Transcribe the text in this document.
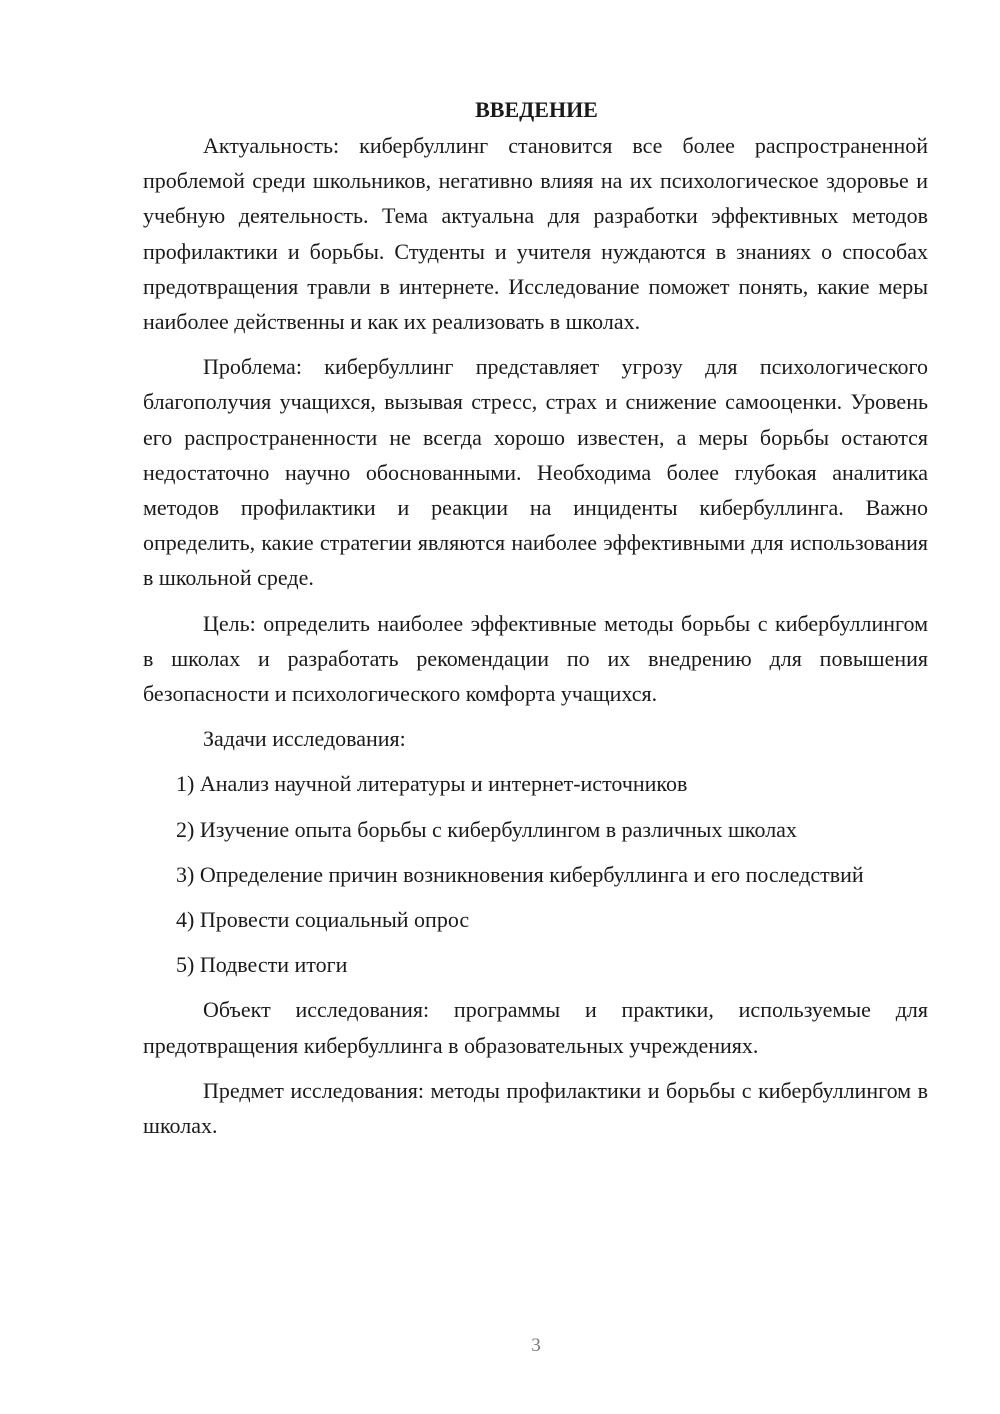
ВВЕДЕНИЕ

Актуальность: кибербуллинг становится все более распространенной проблемой среди школьников, негативно влияя на их психологическое здоровье и учебную деятельность. Тема актуальна для разработки эффективных методов профилактики и борьбы. Студенты и учителя нуждаются в знаниях о способах предотвращения травли в интернете. Исследование поможет понять, какие меры наиболее действенны и как их реализовать в школах.

Проблема: кибербуллинг представляет угрозу для психологического благополучия учащихся, вызывая стресс, страх и снижение самооценки. Уровень его распространенности не всегда хорошо известен, а меры борьбы остаются недостаточно научно обоснованными. Необходима более глубокая аналитика методов профилактики и реакции на инциденты кибербуллинга. Важно определить, какие стратегии являются наиболее эффективными для использования в школьной среде.

Цель: определить наиболее эффективные методы борьбы с кибербуллингом в школах и разработать рекомендации по их внедрению для повышения безопасности и психологического комфорта учащихся.

Задачи исследования:

1) Анализ научной литературы и интернет-источников

2) Изучение опыта борьбы с кибербуллингом в различных школах

3) Определение причин возникновения кибербуллинга и его последствий

4) Провести социальный опрос

5) Подвести итоги

Объект исследования: программы и практики, используемые для предотвращения кибербуллинга в образовательных учреждениях.

Предмет исследования: методы профилактики и борьбы с кибербуллингом в школах.

3
